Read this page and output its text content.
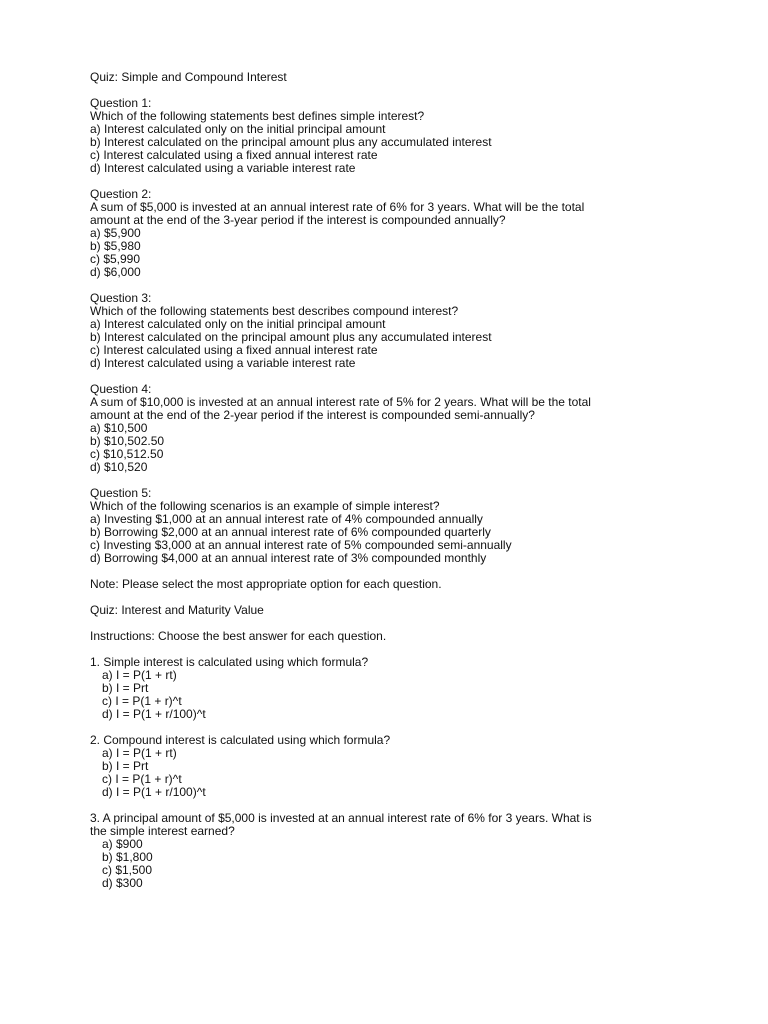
Quiz: Simple and Compound Interest
Question 1:
Which of the following statements best defines simple interest?
a) Interest calculated only on the initial principal amount
b) Interest calculated on the principal amount plus any accumulated interest
c) Interest calculated using a fixed annual interest rate
d) Interest calculated using a variable interest rate
Question 2:
A sum of $5,000 is invested at an annual interest rate of 6% for 3 years. What will be the total
amount at the end of the 3-year period if the interest is compounded annually?
a) $5,900
b) $5,980
c) $5,990
d) $6,000
Question 3:
Which of the following statements best describes compound interest?
a) Interest calculated only on the initial principal amount
b) Interest calculated on the principal amount plus any accumulated interest
c) Interest calculated using a fixed annual interest rate
d) Interest calculated using a variable interest rate
Question 4:
A sum of $10,000 is invested at an annual interest rate of 5% for 2 years. What will be the total
amount at the end of the 2-year period if the interest is compounded semi-annually?
a) $10,500
b) $10,502.50
c) $10,512.50
d) $10,520
Question 5:
Which of the following scenarios is an example of simple interest?
a) Investing $1,000 at an annual interest rate of 4% compounded annually
b) Borrowing $2,000 at an annual interest rate of 6% compounded quarterly
c) Investing $3,000 at an annual interest rate of 5% compounded semi-annually
d) Borrowing $4,000 at an annual interest rate of 3% compounded monthly
Note: Please select the most appropriate option for each question.
Quiz: Interest and Maturity Value
Instructions: Choose the best answer for each question.
1. Simple interest is calculated using which formula?
a) I = P(1 + rt)
b) I = Prt
c) I = P(1 + r)^t
d) I = P(1 + r/100)^t
2. Compound interest is calculated using which formula?
a) I = P(1 + rt)
b) I = Prt
c) I = P(1 + r)^t
d) I = P(1 + r/100)^t
3. A principal amount of $5,000 is invested at an annual interest rate of 6% for 3 years. What is
the simple interest earned?
a) $900
b) $1,800
c) $1,500
d) $300
